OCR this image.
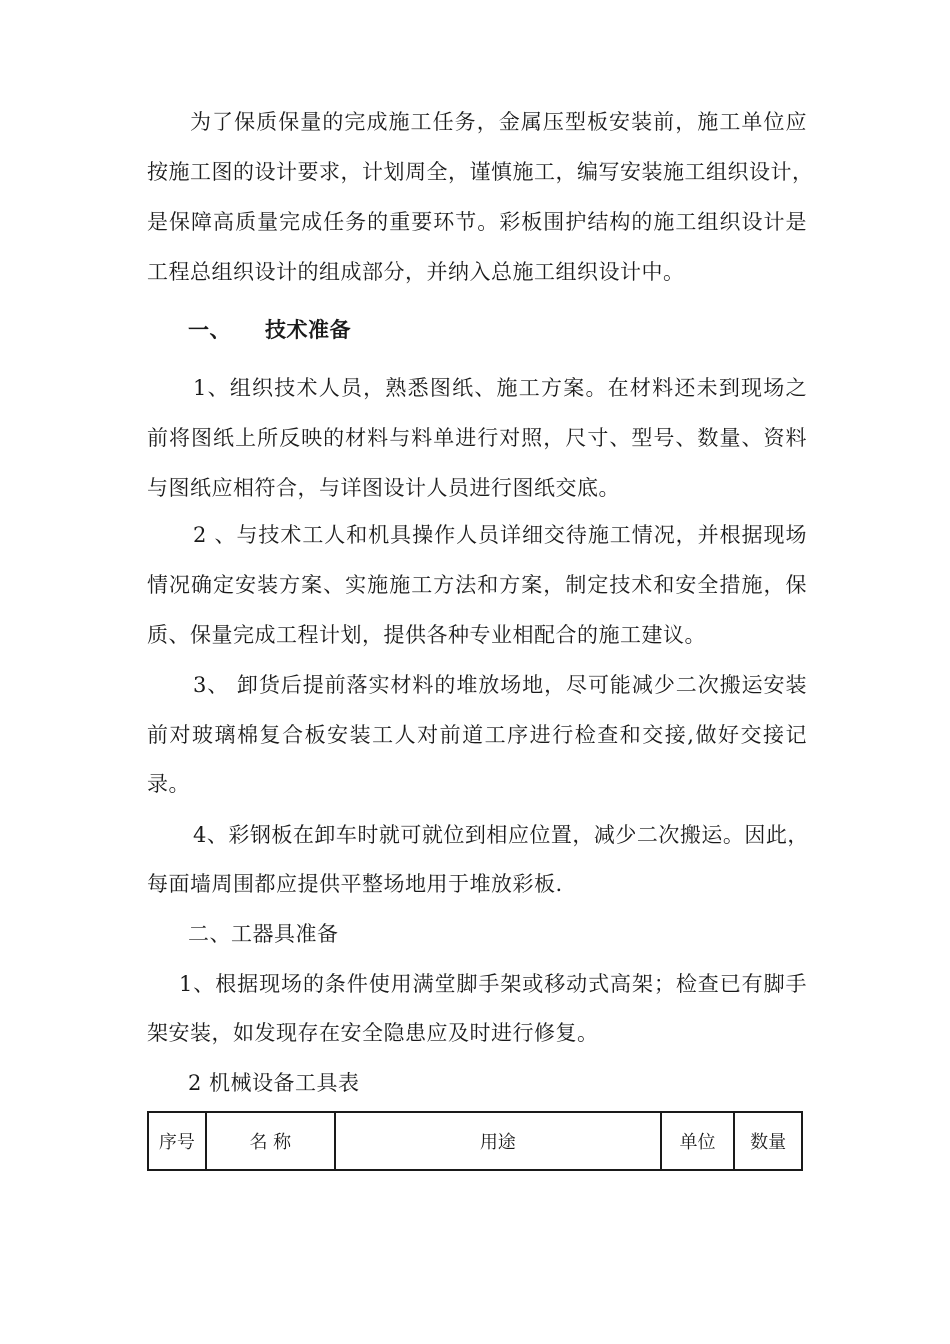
为了保质保量的完成施工任务，金属压型板安装前，施工单位应
按施工图的设计要求，计划周全，谨慎施工，编写安装施工组织设计，
是保障高质量完成任务的重要环节。彩板围护结构的施工组织设计是
工程总组织设计的组成部分，并纳入总施工组织设计中。
一、 技术准备
1、组织技术人员，熟悉图纸、施工方案。在材料还未到现场之
前将图纸上所反映的材料与料单进行对照，尺寸、型号、数量、资料
与图纸应相符合，与详图设计人员进行图纸交底。
2 、与技术工人和机具操作人员详细交待施工情况，并根据现场
情况确定安装方案、实施施工方法和方案，制定技术和安全措施，保
质、保量完成工程计划，提供各种专业相配合的施工建议。
3、 卸货后提前落实材料的堆放场地，尽可能减少二次搬运安装
前对玻璃棉复合板安装工人对前道工序进行检查和交接,做好交接记
录。
4、彩钢板在卸车时就可就位到相应位置，减少二次搬运。因此，
每面墙周围都应提供平整场地用于堆放彩板.
二、工器具准备
1、根据现场的条件使用满堂脚手架或移动式高架；检查已有脚手
架安装，如发现存在安全隐患应及时进行修复。
2 机械设备工具表
序号	名 称	用途	单位	数量
